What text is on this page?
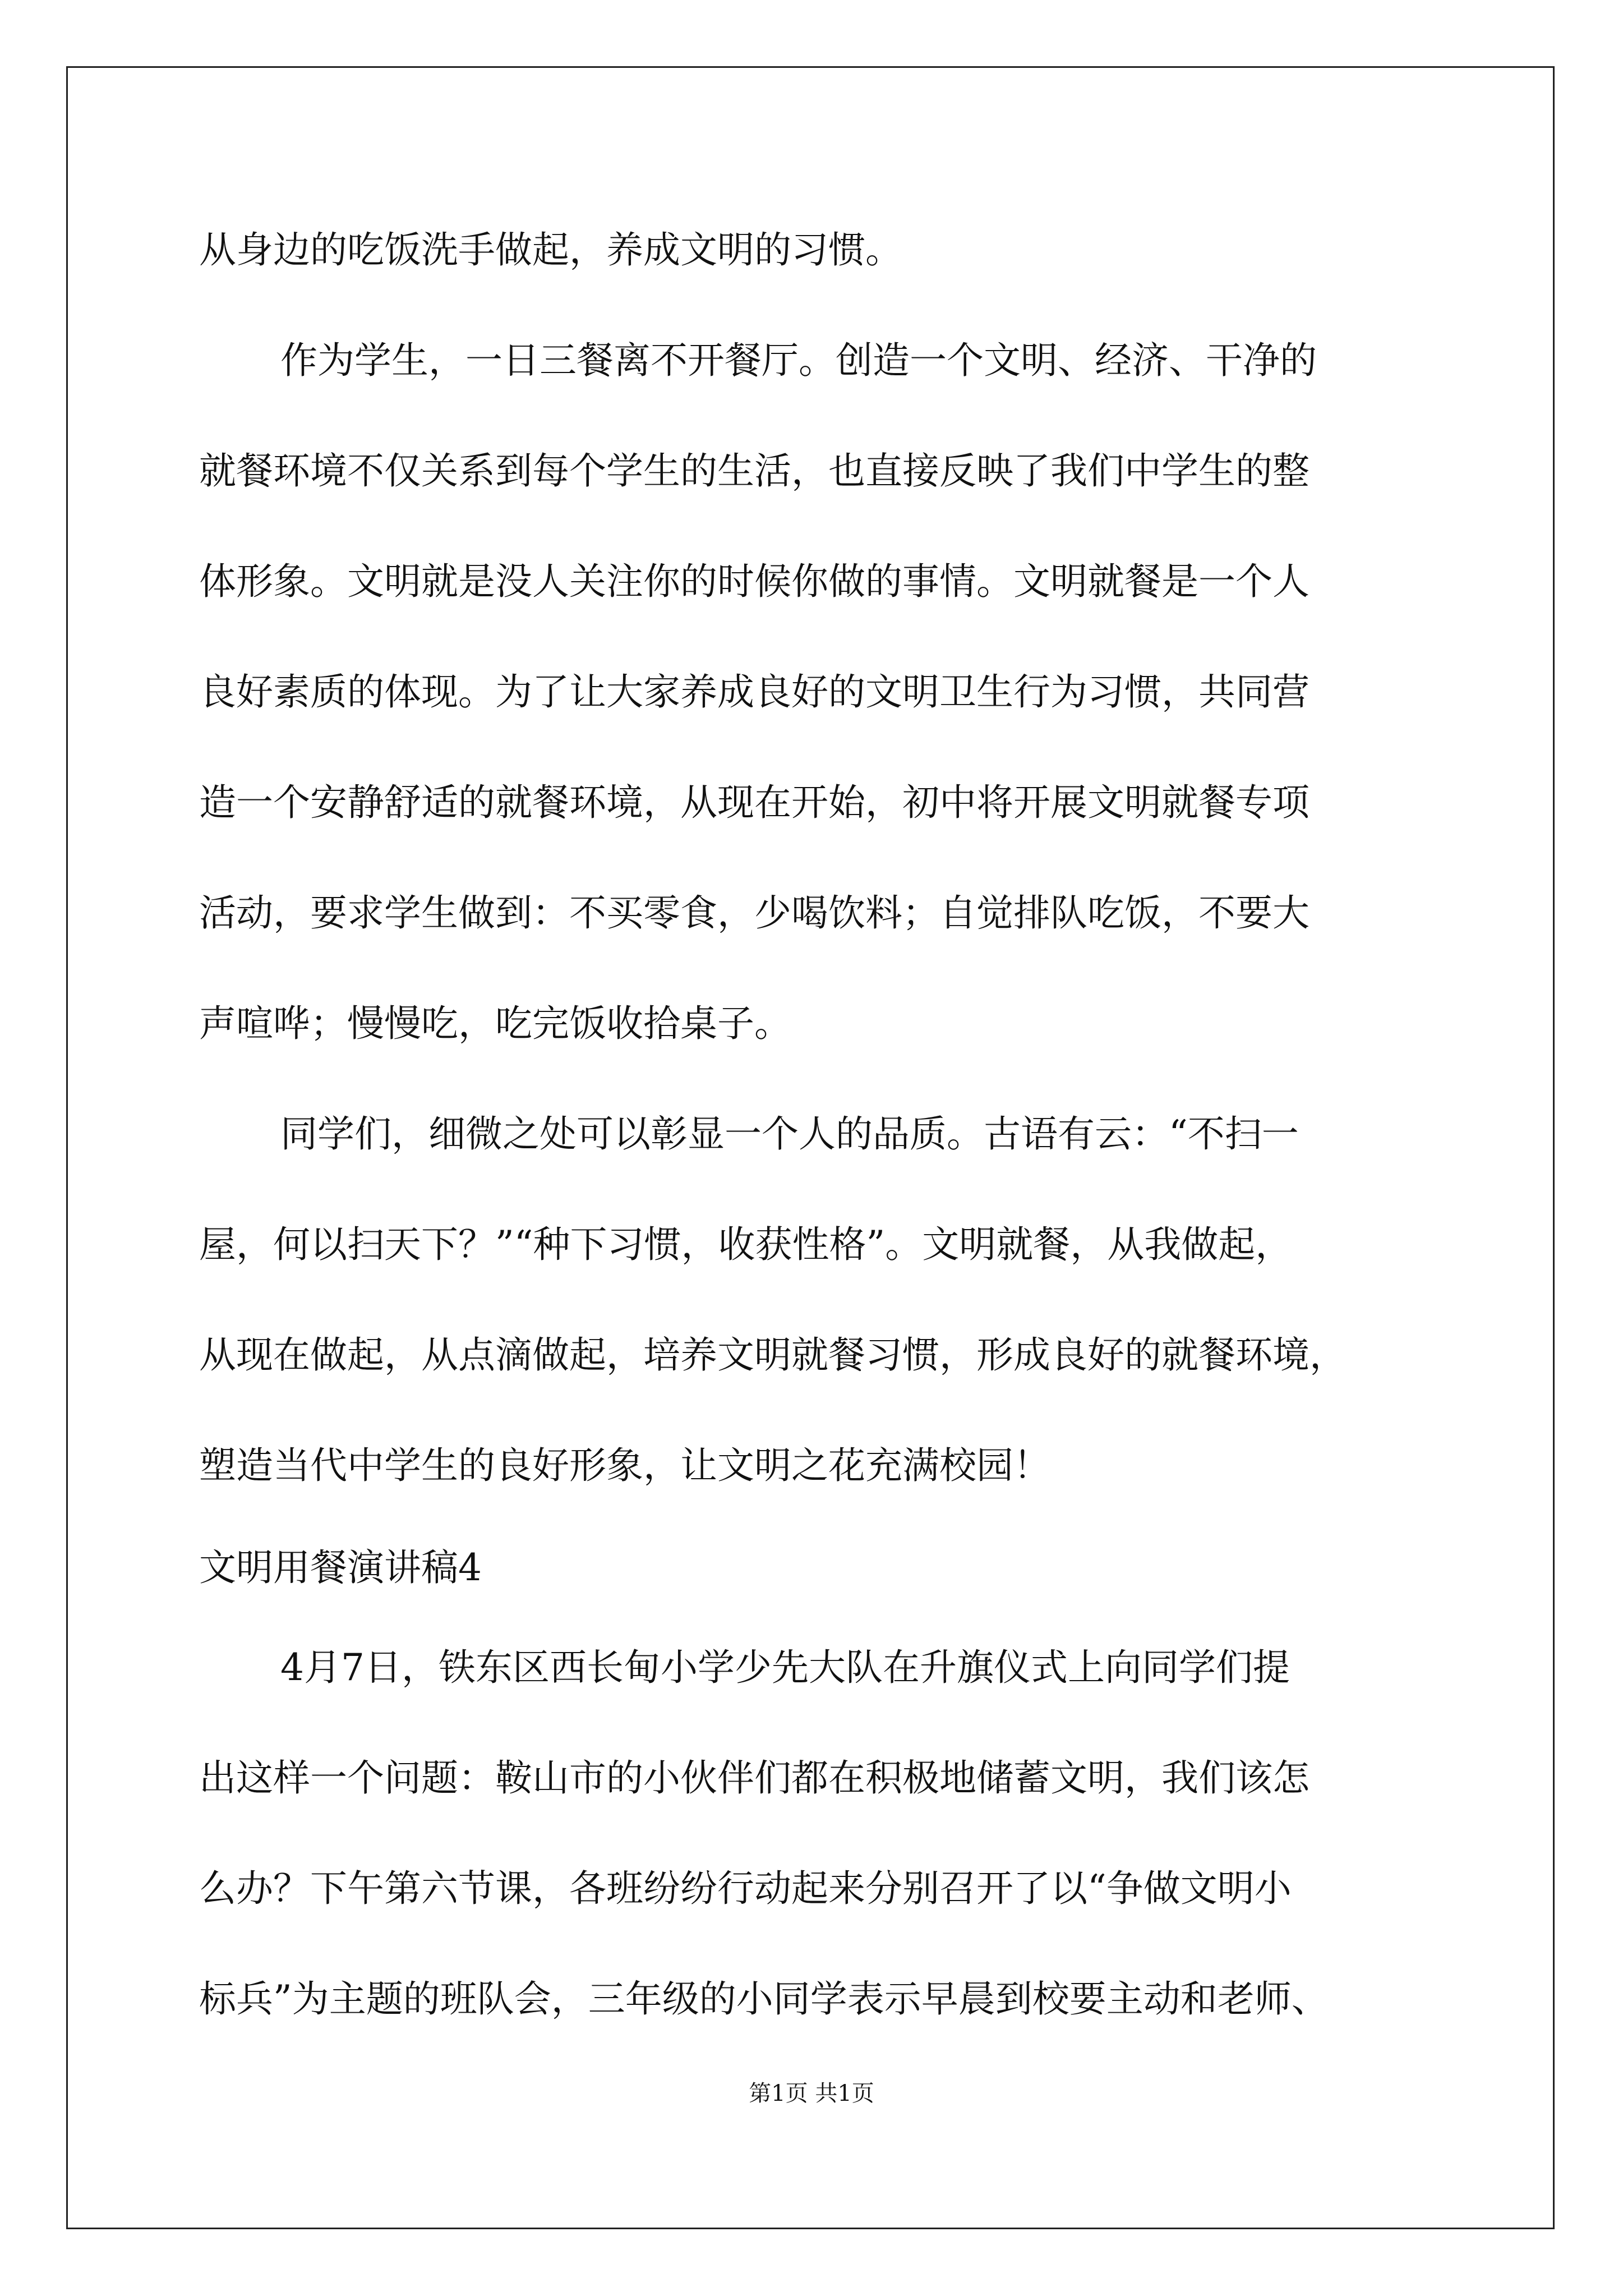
从身边的吃饭洗手做起，养成文明的习惯。
作为学生，一日三餐离不开餐厅。创造一个文明、经济、干净的
就餐环境不仅关系到每个学生的生活，也直接反映了我们中学生的整
体形象。文明就是没人关注你的时候你做的事情。文明就餐是一个人
良好素质的体现。为了让大家养成良好的文明卫生行为习惯，共同营
造一个安静舒适的就餐环境，从现在开始，初中将开展文明就餐专项
活动，要求学生做到：不买零食，少喝饮料；自觉排队吃饭，不要大
声喧哗；慢慢吃，吃完饭收拾桌子。
同学们，细微之处可以彰显一个人的品质。古语有云：“不扫一
屋，何以扫天下？”“种下习惯，收获性格”。文明就餐，从我做起，
从现在做起，从点滴做起，培养文明就餐习惯，形成良好的就餐环境，
塑造当代中学生的良好形象，让文明之花充满校园！
文明用餐演讲稿4
4月7日，铁东区西长甸小学少先大队在升旗仪式上向同学们提
出这样一个问题：鞍山市的小伙伴们都在积极地储蓄文明，我们该怎
么办？下午第六节课，各班纷纷行动起来分别召开了以“争做文明小
标兵”为主题的班队会，三年级的小同学表示早晨到校要主动和老师、
第1页 共1页
